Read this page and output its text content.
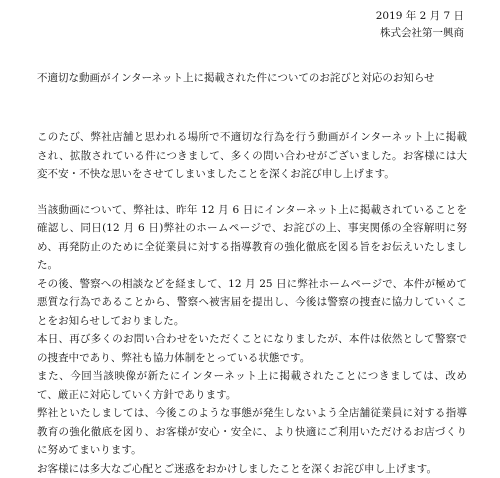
2019 年 2 月 7 日
株式会社第一興商
不適切な動画がインターネット上に掲載された件についてのお詫びと対応のお知らせ

このたび、弊社店舗と思われる場所で不適切な行為を行う動画がインターネット上に掲載され、拡散されている件につきまして、多くの問い合わせがございました。お客様には大変不安・不快な思いをさせてしまいましたことを深くお詫び申し上げます。

当該動画について、弊社は、昨年 12 月 6 日にインターネット上に掲載されていることを確認し、同日(12 月 6 日)弊社のホームページで、お詫びの上、事実関係の全容解明に努め、再発防止のために全従業員に対する指導教育の強化徹底を図る旨をお伝えいたしました。

その後、警察への相談などを経まして、12 月 25 日に弊社ホームページで、本件が極めて悪質な行為であることから、警察へ被害届を提出し、今後は警察の捜査に協力していくことをお知らせしておりました。

本日、再び多くのお問い合わせをいただくことになりましたが、本件は依然として警察での捜査中であり、弊社も協力体制をとっている状態です。

また、今回当該映像が新たにインターネット上に掲載されたことにつきましては、改めて、厳正に対応していく方針であります。

弊社といたしましては、今後このような事態が発生しないよう全店舗従業員に対する指導教育の強化徹底を図り、お客様が安心・安全に、より快適にご利用いただけるお店づくりに努めてまいります。

お客様には多大なご心配とご迷惑をおかけしましたことを深くお詫び申し上げます。
